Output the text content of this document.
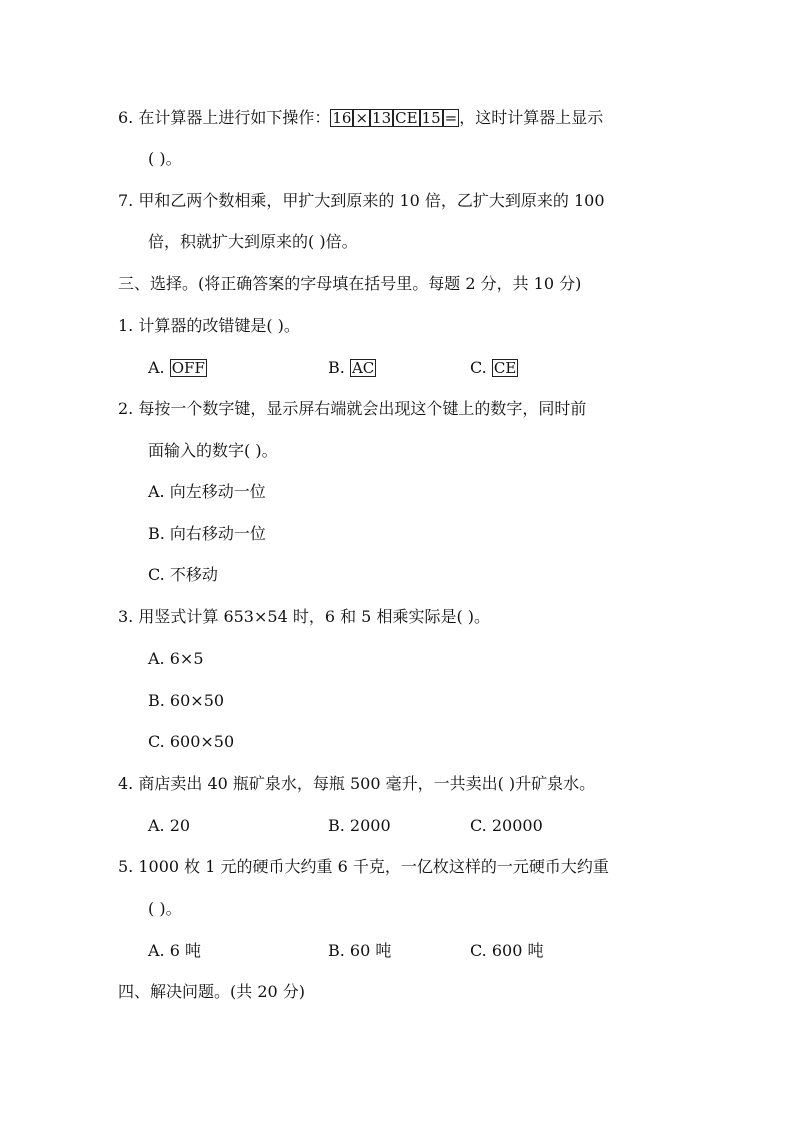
6. 在计算器上进行如下操作： 16 × 13 CE 15 = ，这时计算器上显示
( )。
7. 甲和乙两个数相乘，甲扩大到原来的 10 倍，乙扩大到原来的 100
倍，积就扩大到原来的( )倍。
三、选择。(将正确答案的字母填在括号里。每题 2 分，共 10 分)
1. 计算器的改错键是( )。
A. OFF	B. AC	C. CE
2. 每按一个数字键，显示屏右端就会出现这个键上的数字，同时前
面输入的数字( )。
A. 向左移动一位
B. 向右移动一位
C. 不移动
3. 用竖式计算 653×54 时，6 和 5 相乘实际是( )。
A. 6×5
B. 60×50
C. 600×50
4. 商店卖出 40 瓶矿泉水，每瓶 500 毫升，一共卖出( )升矿泉水。
A. 20	B. 2000	C. 20000
5. 1000 枚 1 元的硬币大约重 6 千克，一亿枚这样的一元硬币大约重
( )。
A. 6 吨	B. 60 吨	C. 600 吨
四、解决问题。(共 20 分)
